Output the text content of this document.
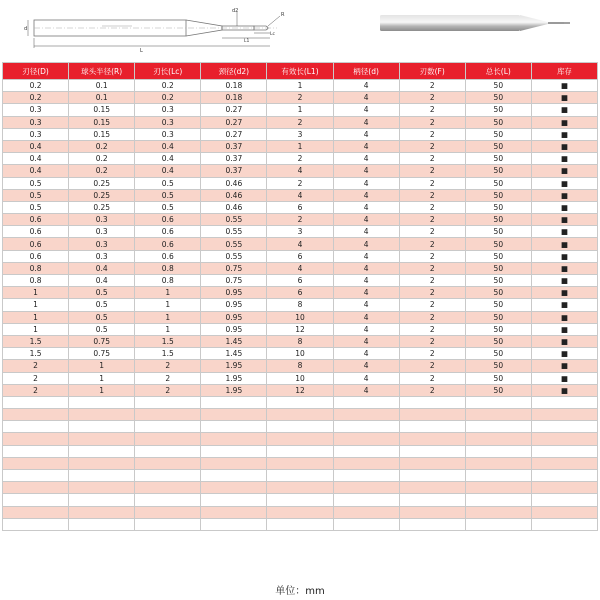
d
d2
R
Lc
L1
L
刃径(D)	球头半径(R)	刃长(Lc)	颈径(d2)	有效长(L1)	柄径(d)	刃数(F)	总长(L)	库存
0.2	0.1	0.2	0.18	1	4	2	50	■
0.2	0.1	0.2	0.18	2	4	2	50	■
0.3	0.15	0.3	0.27	1	4	2	50	■
0.3	0.15	0.3	0.27	2	4	2	50	■
0.3	0.15	0.3	0.27	3	4	2	50	■
0.4	0.2	0.4	0.37	1	4	2	50	■
0.4	0.2	0.4	0.37	2	4	2	50	■
0.4	0.2	0.4	0.37	4	4	2	50	■
0.5	0.25	0.5	0.46	2	4	2	50	■
0.5	0.25	0.5	0.46	4	4	2	50	■
0.5	0.25	0.5	0.46	6	4	2	50	■
0.6	0.3	0.6	0.55	2	4	2	50	■
0.6	0.3	0.6	0.55	3	4	2	50	■
0.6	0.3	0.6	0.55	4	4	2	50	■
0.6	0.3	0.6	0.55	6	4	2	50	■
0.8	0.4	0.8	0.75	4	4	2	50	■
0.8	0.4	0.8	0.75	6	4	2	50	■
1	0.5	1	0.95	6	4	2	50	■
1	0.5	1	0.95	8	4	2	50	■
1	0.5	1	0.95	10	4	2	50	■
1	0.5	1	0.95	12	4	2	50	■
1.5	0.75	1.5	1.45	8	4	2	50	■
1.5	0.75	1.5	1.45	10	4	2	50	■
2	1	2	1.95	8	4	2	50	■
2	1	2	1.95	10	4	2	50	■
2	1	2	1.95	12	4	2	50	■

单位：mm
